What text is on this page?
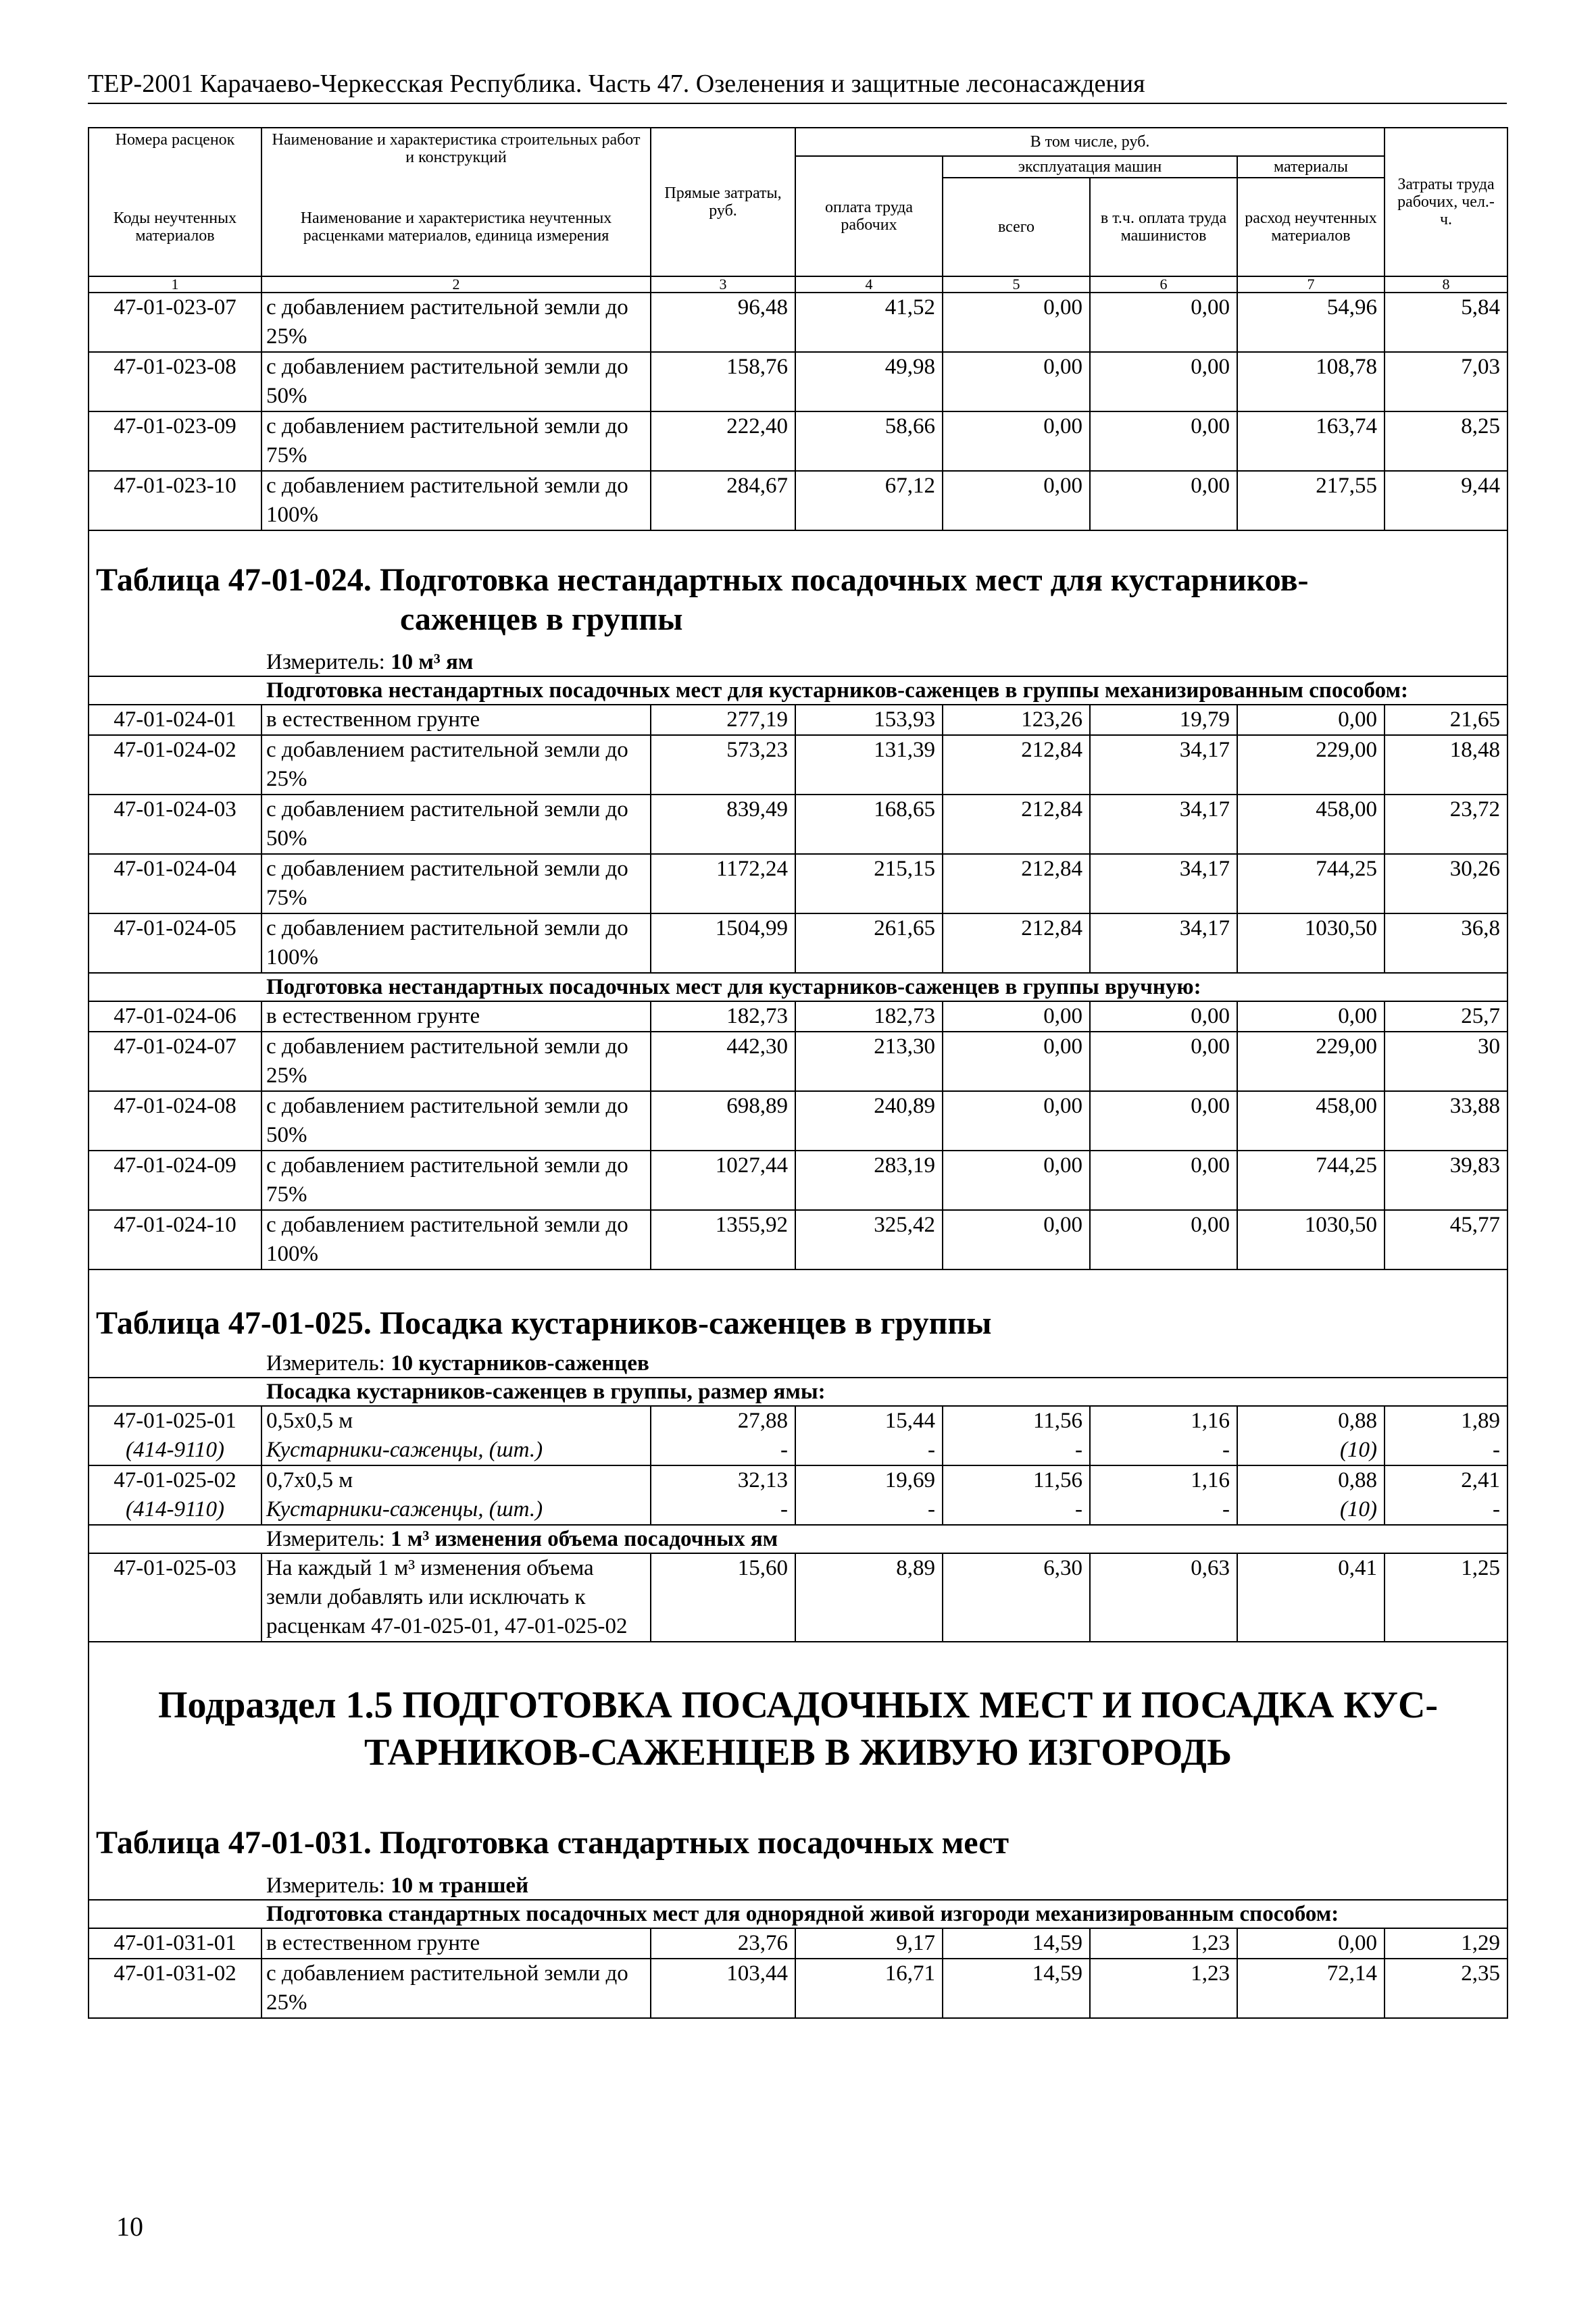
ТЕР-2001 Карачаево-Черкесская Республика. Часть 47. Озеленения и защитные лесонасаждения
Номера расценок	Наименование и характеристика строительных работ и конструкций	Прямые затраты, руб.	В том числе, руб.				Затраты труда рабочих, чел.-ч.
			оплата труда рабочих	эксплуатация машин		материалы	
Коды неучтенных материалов	Наименование и характеристика неучтенных расценками материалов, единица измерения			всего	в т.ч. оплата труда машинистов	расход неучтенных материалов	
1	2	3	4	5	6	7	8
47-01-023-07	с добавлением растительной земли до 25%	96,48	41,52	0,00	0,00	54,96	5,84
47-01-023-08	с добавлением растительной земли до 50%	158,76	49,98	0,00	0,00	108,78	7,03
47-01-023-09	с добавлением растительной земли до 75%	222,40	58,66	0,00	0,00	163,74	8,25
47-01-023-10	с добавлением растительной земли до 100%	284,67	67,12	0,00	0,00	217,55	9,44

Таблица 47-01-024. Подготовка нестандартных посадочных мест для кустарников-
саженцев в группы							

Измеритель: 10 м³ ям							
Подготовка нестандартных посадочных мест для кустарников-саженцев в группы механизированным способом:							
47-01-024-01	в естественном грунте	277,19	153,93	123,26	19,79	0,00	21,65
47-01-024-02	с добавлением растительной земли до 25%	573,23	131,39	212,84	34,17	229,00	18,48
47-01-024-03	с добавлением растительной земли до 50%	839,49	168,65	212,84	34,17	458,00	23,72
47-01-024-04	с добавлением растительной земли до 75%	1172,24	215,15	212,84	34,17	744,25	30,26
47-01-024-05	с добавлением растительной земли до 100%	1504,99	261,65	212,84	34,17	1030,50	36,8
Подготовка нестандартных посадочных мест для кустарников-саженцев в группы вручную:							
47-01-024-06	в естественном грунте	182,73	182,73	0,00	0,00	0,00	25,7
47-01-024-07	с добавлением растительной земли до 25%	442,30	213,30	0,00	0,00	229,00	30
47-01-024-08	с добавлением растительной земли до 50%	698,89	240,89	0,00	0,00	458,00	33,88
47-01-024-09	с добавлением растительной земли до 75%	1027,44	283,19	0,00	0,00	744,25	39,83
47-01-024-10	с добавлением растительной земли до 100%	1355,92	325,42	0,00	0,00	1030,50	45,77

Таблица 47-01-025. Посадка кустарников-саженцев в группы							
Измеритель: 10 кустарников-саженцев							
Посадка кустарников-саженцев в группы, размер ямы:							
47-01-025-01	0,5х0,5 м	27,88	15,44	11,56	1,16	0,88	1,89
(414-9110)	Кустарники-саженцы, (шт.)	-	-	-	-	(10)	-
47-01-025-02	0,7х0,5 м	32,13	19,69	11,56	1,16	0,88	2,41
(414-9110)	Кустарники-саженцы, (шт.)	-	-	-	-	(10)	-
Измеритель: 1 м³ изменения объема посадочных ям							
47-01-025-03	На каждый 1 м³ изменения объема земли добавлять или исключать к расценкам 47-01-025-01, 47-01-025-02	15,60	8,89	6,30	0,63	0,41	1,25

Подраздел 1.5 ПОДГОТОВКА ПОСАДОЧНЫХ МЕСТ И ПОСАДКА КУС-
ТАРНИКОВ-САЖЕНЦЕВ В ЖИВУЮ ИЗГОРОДЬ							

Таблица 47-01-031. Подготовка стандартных посадочных мест							
Измеритель: 10 м траншей							
Подготовка стандартных посадочных мест для однорядной живой изгороди механизированным способом:							
47-01-031-01	в естественном грунте	23,76	9,17	14,59	1,23	0,00	1,29
47-01-031-02	с добавлением растительной земли до 25%	103,44	16,71	14,59	1,23	72,14	2,35
10
